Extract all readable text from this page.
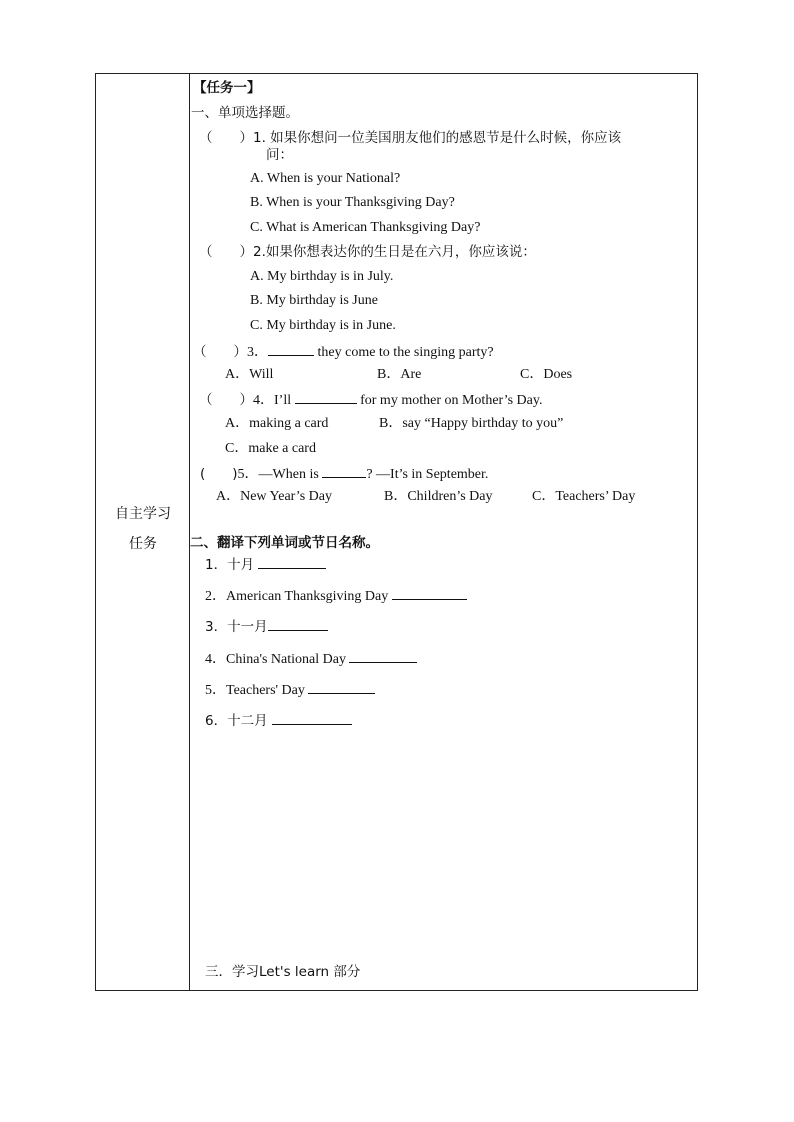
自主学习
任务
【任务一】
一、单项选择题。
（　　）1. 如果你想问一位美国朋友他们的感恩节是什么时候，你应该
问：
A. When is your National?
B. When is your Thanksgiving Day?
C. What is American Thanksgiving Day?
（　　）2.如果你想表达你的生日是在六月，你应该说：
A. My birthday is in July.
B. My birthday is June
C. My birthday is in June.
（　　）3．	they come to the singing party?
A．Will	B．Are	C．Does
（　　）4．I’ll	for my mother on Mother’s Day.
A．making a card	B．say “Happy birthday to you”
C．make a card
(　　)5．—When is	? —It’s in September.
A．New Year’s Day	B．Children’s Day	C．Teachers’ Day
二、翻译下列单词或节日名称。
1．十月
2．American Thanksgiving Day
3．十一月
4．China's National Day
5．Teachers' Day
6．十二月
三．学习Let's learn 部分
